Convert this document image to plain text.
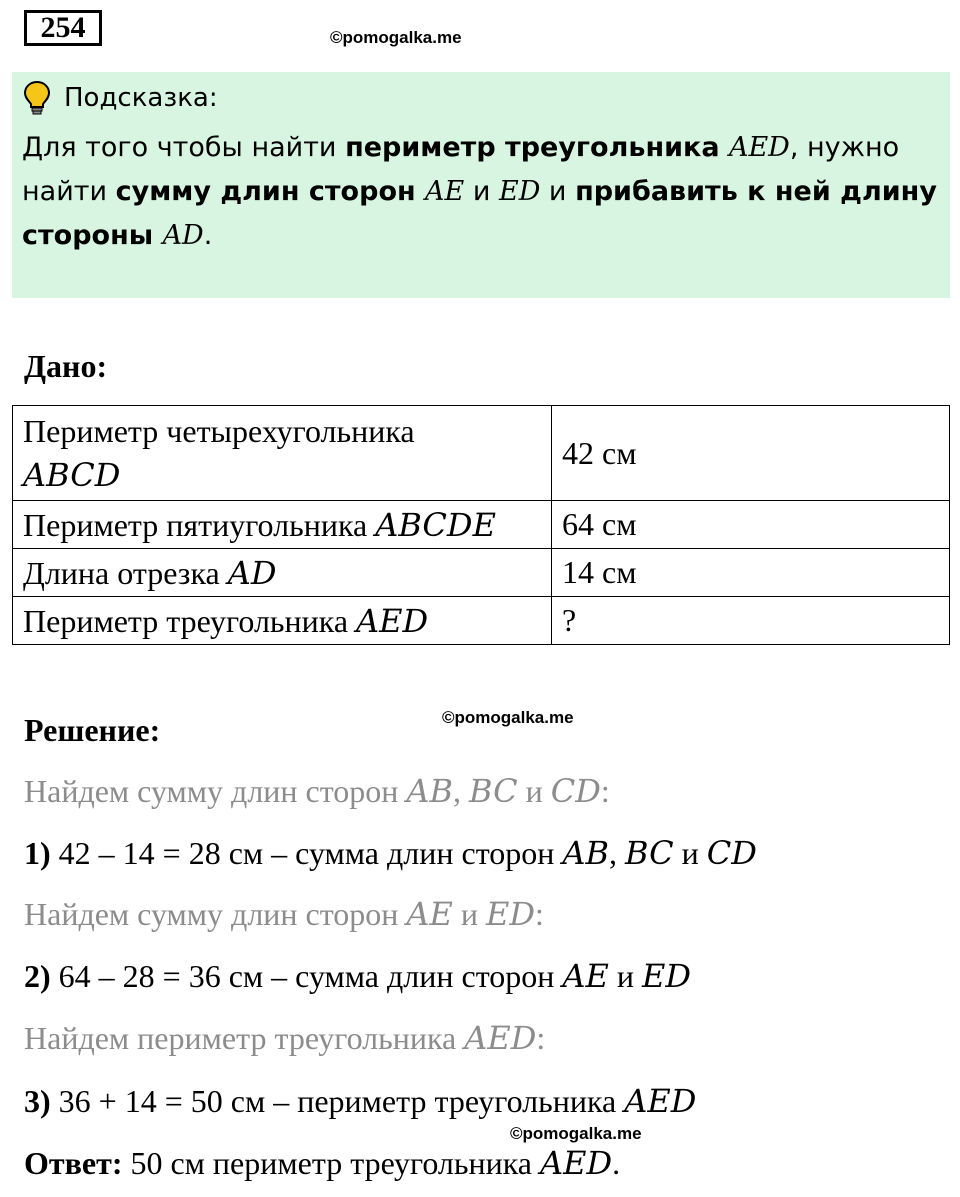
254	©pomogalka.me
Подсказка:
Для того чтобы найти периметр треугольника AED, нужно найти сумму длин сторон AE и ED и прибавить к ней длину стороны AD.
Дано:
Периметр четырехугольника
ABCD	42 см
Периметр пятиугольника ABCDE	64 см
Длина отрезка AD	14 см
Периметр треугольника AED	?
Решение:	©pomogalka.me
Найдем сумму длин сторон AB, BC и CD:
1) 42 – 14 = 28 см – сумма длин сторон AB, BC и CD
Найдем сумму длин сторон AE и ED:
2) 64 – 28 = 36 см – сумма длин сторон AE и ED
Найдем периметр треугольника AED:
3) 36 + 14 = 50 см – периметр треугольника AED
©pomogalka.me
Ответ: 50 см периметр треугольника AED.
